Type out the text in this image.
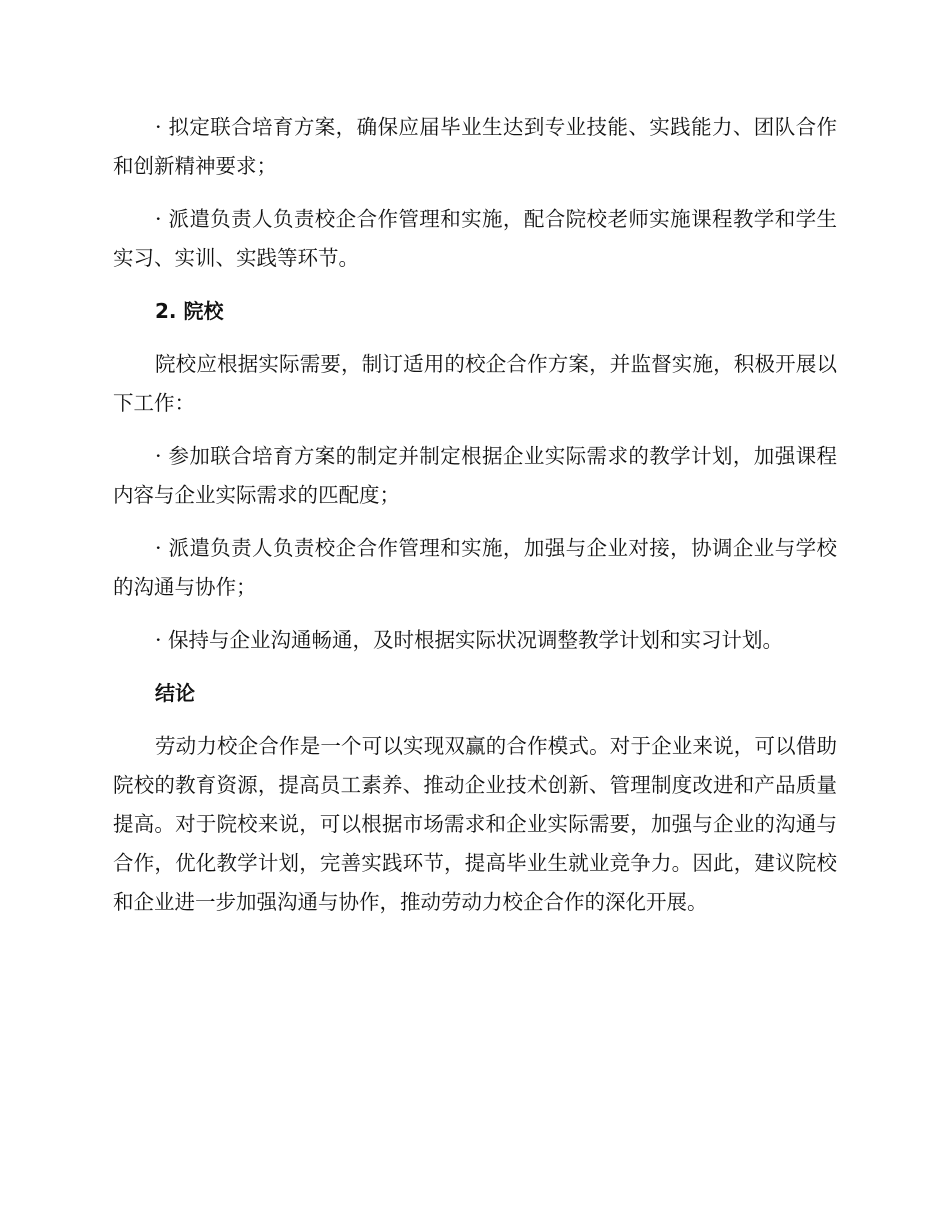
· 拟定联合培育方案，确保应届毕业生达到专业技能、实践能力、团队合作和创新精神要求；

· 派遣负责人负责校企合作管理和实施，配合院校老师实施课程教学和学生实习、实训、实践等环节。

2. 院校

院校应根据实际需要，制订适用的校企合作方案，并监督实施，积极开展以下工作：

· 参加联合培育方案的制定并制定根据企业实际需求的教学计划，加强课程内容与企业实际需求的匹配度；

· 派遣负责人负责校企合作管理和实施，加强与企业对接，协调企业与学校的沟通与协作；

· 保持与企业沟通畅通，及时根据实际状况调整教学计划和实习计划。

结论

劳动力校企合作是一个可以实现双赢的合作模式。对于企业来说，可以借助院校的教育资源，提高员工素养、推动企业技术创新、管理制度改进和产品质量提高。对于院校来说，可以根据市场需求和企业实际需要，加强与企业的沟通与合作，优化教学计划，完善实践环节，提高毕业生就业竞争力。因此，建议院校和企业进一步加强沟通与协作，推动劳动力校企合作的深化开展。
